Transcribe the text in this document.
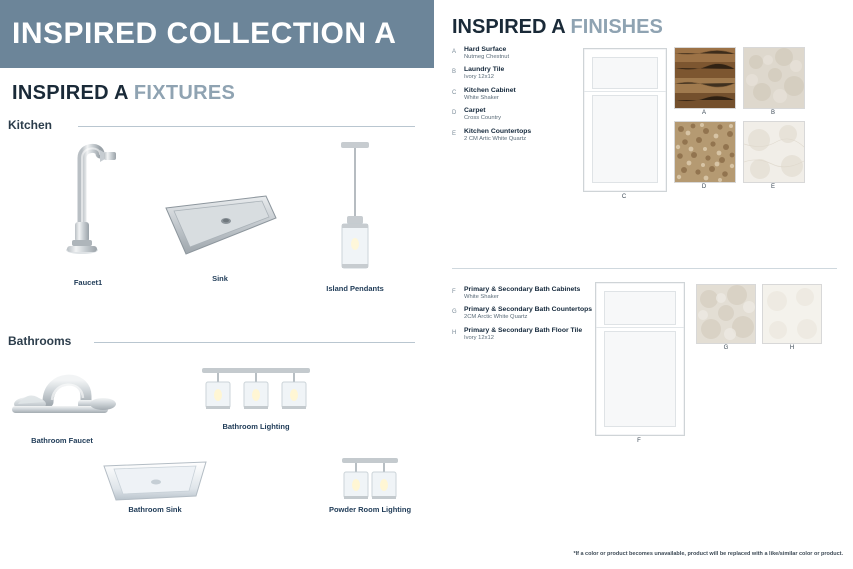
INSPIRED COLLECTION A
INSPIRED A FIXTURES
Kitchen
Faucet1	Sink
Island Pendants
Bathrooms
Bathroom Faucet
Bathroom Lighting
Bathroom Sink	Powder Room Lighting
INSPIRED A FINISHES
A	Hard Surface
Nutmeg Chestnut
B	Laundry Tile
Ivory 12x12
C	Kitchen Cabinet
White Shaker
D	Carpet
Cross Country
E	Kitchen Countertops
2 CM Artic White Quartz
C
A	B
D	E
F	Primary & Secondary Bath Cabinets
White Shaker
G	Primary & Secondary Bath Countertops
2CM Arctic White Quartz
H	Primary & Secondary Bath Floor Tile
Ivory 12x12
F
G	H
*If a color or product becomes unavailable, product will be replaced with a like/similar color or product.
